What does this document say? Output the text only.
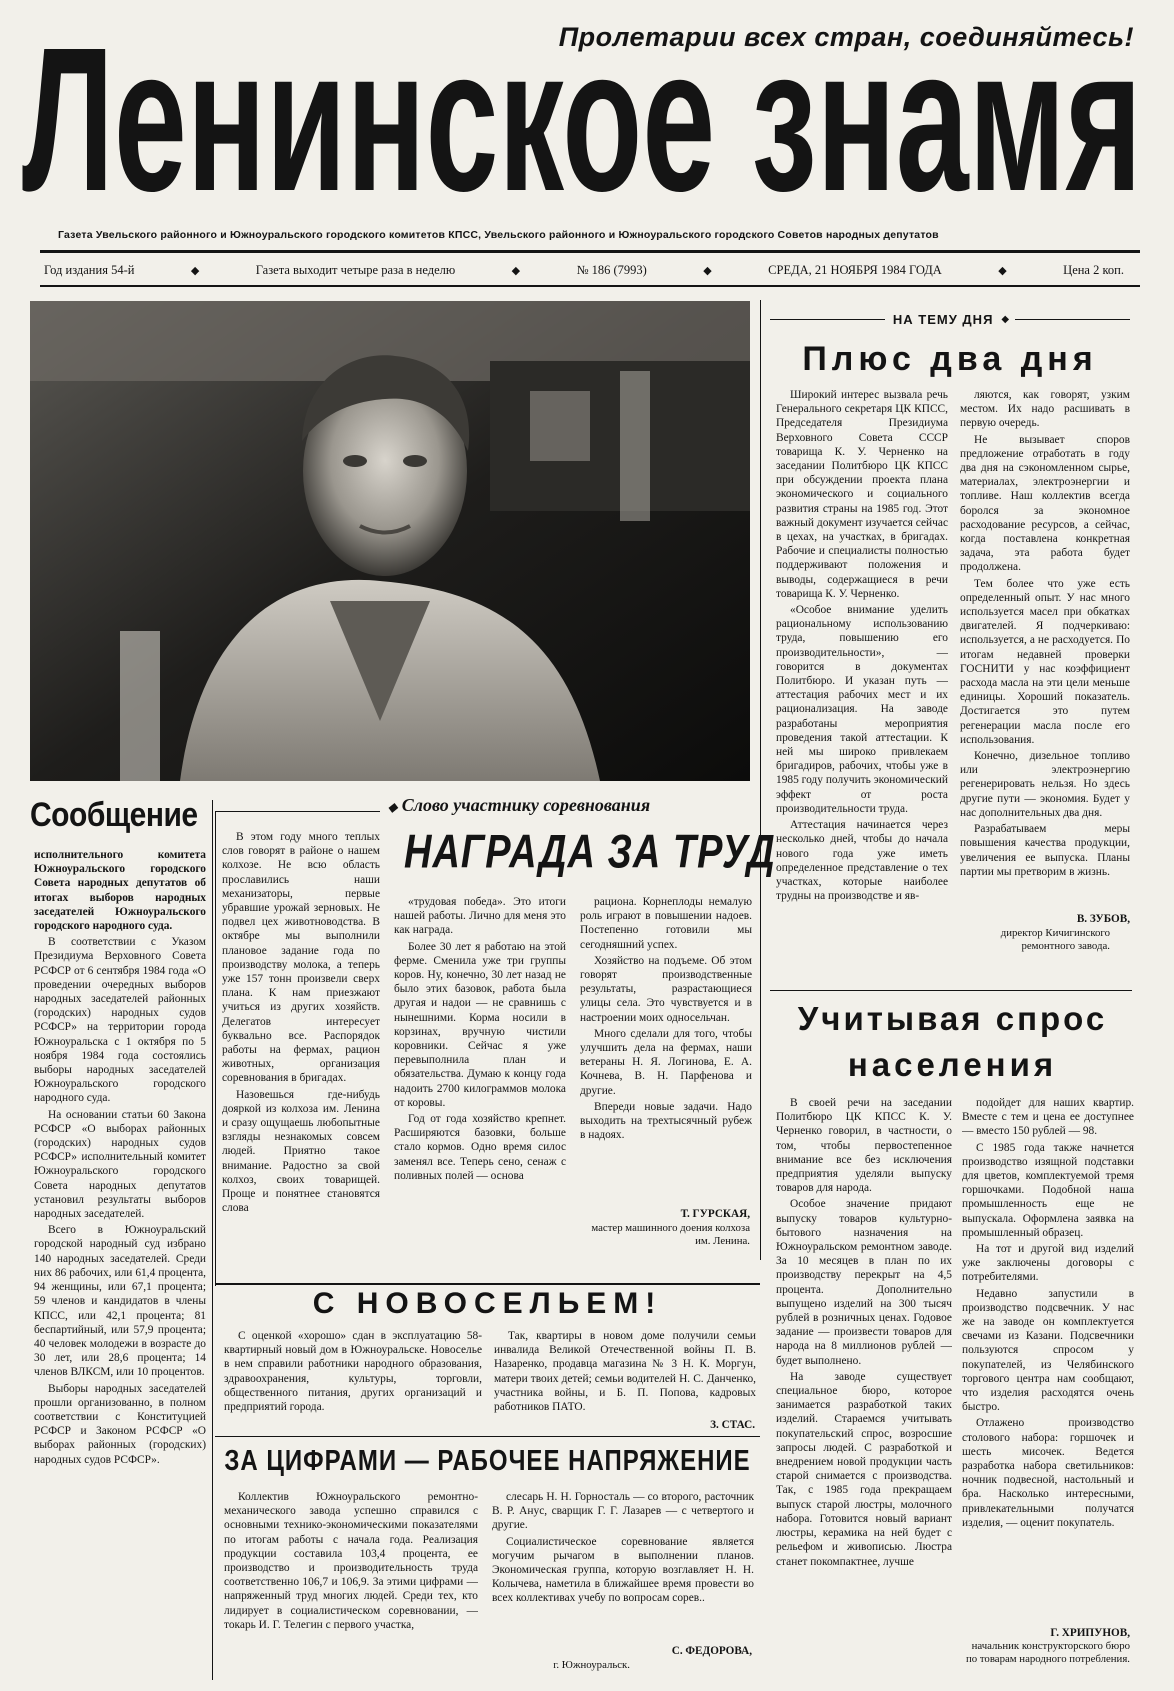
Пролетарии всех стран, соединяйтесь!
Ленинское знамя
Газета Увельского районного и Южноуральского городского комитетов КПСС, Увельского районного и Южноуральского городского Советов народных депутатов
Год издания 54-й	◆	Газета выходит четыре раза в неделю	◆	№ 186 (7993)	◆	СРЕДА, 21 НОЯБРЯ 1984 ГОДА	◆	Цена 2 коп.
НА ТЕМУ ДНЯ ◆
Плюс два дня

Широкий интерес вызвала речь Генерального секретаря ЦК КПСС, Председателя Президиума Верховного Совета СССР товарища К. У. Черненко на заседании Политбюро ЦК КПСС при обсуждении проекта плана экономического и социального развития страны на 1985 год. Этот важный документ изучается сейчас в цехах, на участках, в бригадах. Рабочие и специалисты полностью поддерживают положения и выводы, содержащиеся в речи товарища К. У. Черненко.

«Особое внимание уделить рациональному использованию труда, повышению его производительности», — говорится в документах Политбюро. И указан путь — аттестация рабочих мест и их рационализация. На заводе разработаны мероприятия проведения такой аттестации. К ней мы широко привлекаем бригадиров, рабочих, чтобы уже в 1985 году получить экономический эффект от роста производительности труда.

Аттестация начинается через несколько дней, чтобы до начала нового года уже иметь определенное представление о тех участках, которые наиболее трудны на производстве и яв-

ляются, как говорят, узким местом. Их надо расшивать в первую очередь.

Не вызывает споров предложение отработать в году два дня на сэкономленном сырье, материалах, электроэнергии и топливе. Наш коллектив всегда боролся за экономное расходование ресурсов, а сейчас, когда поставлена конкретная задача, эта работа будет продолжена.

Тем более что уже есть определенный опыт. У нас много используется масел при обкатках двигателей. Я подчеркиваю: используется, а не расходуется. По итогам недавней проверки ГОСНИТИ у нас коэффициент расхода масла на эти цели меньше единицы. Хороший показатель. Достигается это путем регенерации масла после его использования.

Конечно, дизельное топливо или электроэнергию регенерировать нельзя. Но здесь другие пути — экономия. Будет у нас дополнительных два дня.

Разрабатываем меры повышения качества продукции, увеличения ее выпуска. Планы партии мы претворим в жизнь.

В. ЗУБОВ,
директор Кичигинского ремонтного завода.
Учитывая спрос
населения

В своей речи на заседании Политбюро ЦК КПСС К. У. Черненко говорил, в частности, о том, чтобы первостепенное внимание все без исключения предприятия уделяли выпуску товаров для народа.

Особое значение придают выпуску товаров культурно-бытового назначения на Южноуральском ремонтном заводе. За 10 месяцев в план по их производству перекрыт на 4,5 процента. Дополнительно выпущено изделий на 300 тысяч рублей в розничных ценах. Годовое задание — произвести товаров для народа на 8 миллионов рублей — будет выполнено.

На заводе существует специальное бюро, которое занимается разработкой таких изделий. Стараемся учитывать покупательский спрос, возросшие запросы людей. С разработкой и внедрением новой продукции часть старой снимается с производства. Так, с 1985 года прекращаем выпуск старой люстры, молочного набора. Готовится новый вариант люстры, керамика на ней будет с рельефом и живописью. Люстра станет покомпактнее, лучше

подойдет для наших квартир. Вместе с тем и цена ее доступнее — вместо 150 рублей — 98.

С 1985 года также начнется производство изящной подставки для цветов, комплектуемой тремя горшочками. Подобной наша промышленность еще не выпускала. Оформлена заявка на промышленный образец.

На тот и другой вид изделий уже заключены договоры с потребителями.

Недавно запустили в производство подсвечник. У нас же на заводе он комплектуется свечами из Казани. Подсвечники пользуются спросом у покупателей, из Челябинского торгового центра нам сообщают, что изделия расходятся очень быстро.

Отлажено производство столового набора: горшочек и шесть мисочек. Ведется разработка набора светильников: ночник подвесной, настольный и бра. Насколько интересными, привлекательными получатся изделия, — оценит покупатель.

Г. ХРИПУНОВ,
начальник конструкторского бюро по товарам народного потребления.
Сообщение

исполнительного комитета Южноуральского городского Совета народных депутатов об итогах выборов народных заседателей Южноуральского городского народного суда.

В соответствии с Указом Президиума Верховного Совета РСФСР от 6 сентября 1984 года «О проведении очередных выборов народных заседателей районных (городских) народных судов РСФСР» на территории города Южноуральска с 1 октября по 5 ноября 1984 года состоялись выборы народных заседателей Южноуральского городского народного суда.

На основании статьи 60 Закона РСФСР «О выборах районных (городских) народных судов РСФСР» исполнительный комитет Южноуральского городского Совета народных депутатов установил результаты выборов народных заседателей.

Всего в Южноуральский городской народный суд избрано 140 народных заседателей. Среди них 86 рабочих, или 61,4 процента, 94 женщины, или 67,1 процента; 59 членов и кандидатов в члены КПСС, или 42,1 процента; 81 беспартийный, или 57,9 процента; 40 человек молодежи в возрасте до 30 лет, или 28,6 процента; 14 членов ВЛКСМ, или 10 процентов.

Выборы народных заседателей прошли организованно, в полном соответствии с Конституцией РСФСР и Законом РСФСР «О выборах районных (городских) народных судов РСФСР».

◆ Слово участнику соревнования
НАГРАДА ЗА ТРУД

В этом году много теплых слов говорят в районе о нашем колхозе. Не всю область прославились наши механизаторы, первые убравшие урожай зерновых. Не подвел цех животноводства. В октябре мы выполнили плановое задание года по производству молока, а теперь уже 157 тонн произвели сверх плана. К нам приезжают учиться из других хозяйств. Делегатов интересует буквально все. Распорядок работы на фермах, рацион животных, организация соревнования в бригадах.

Назовешься где-нибудь дояркой из колхоза им. Ленина и сразу ощущаешь любопытные взгляды незнакомых совсем людей. Приятно такое внимание. Радостно за свой колхоз, своих товарищей. Проще и понятнее становятся слова

«трудовая победа». Это итоги нашей работы. Лично для меня это как награда.

Более 30 лет я работаю на этой ферме. Сменила уже три группы коров. Ну, конечно, 30 лет назад не было этих базовок, работа была другая и надои — не сравнишь с нынешними. Корма носили в корзинах, вручную чистили коровники. Сейчас я уже перевыполнила план и обязательства. Думаю к концу года надоить 2700 килограммов молока от коровы.

Год от года хозяйство крепнет. Расширяются базовки, больше стало кормов. Одно время силос заменял все. Теперь сено, сенаж с поливных полей — основа

рациона. Корнеплоды немалую роль играют в повышении надоев. Постепенно готовили мы сегодняшний успех.

Хозяйство на подъеме. Об этом говорят производственные результаты, разрастающиеся улицы села. Это чувствуется и в настроении моих односельчан.

Много сделали для того, чтобы улучшить дела на фермах, наши ветераны Н. Я. Логинова, Е. А. Кочнева, В. Н. Парфенова и другие.

Впереди новые задачи. Надо выходить на трехтысячный рубеж в надоях.

Т. ГУРСКАЯ,
мастер машинного доения колхоза им. Ленина.
С НОВОСЕЛЬЕМ!

С оценкой «хорошо» сдан в эксплуатацию 58-квартирный новый дом в Южноуральске. Новоселье в нем справили работники народного образования, здравоохранения, культуры, торговли, общественного питания, других организаций и предприятий города.

Так, квартиры в новом доме получили семьи инвалида Великой Отечественной войны П. В. Назаренко, продавца магазина № 3 Н. К. Моргун, матери твоих детей; семьи водителей Н. С. Данченко, участника войны, и Б. П. Попова, кадровых работников ПАТО.

З. СТАС.
ЗА ЦИФРАМИ — РАБОЧЕЕ НАПРЯЖЕНИЕ

Коллектив Южноуральского ремонтно-механического завода успешно справился с основными технико-экономическими показателями по итогам работы с начала года. Реализация продукции составила 103,4 процента, ее производство и производительность труда соответственно 106,7 и 106,9. За этими цифрами — напряженный труд многих людей. Среди тех, кто лидирует в социалистическом соревновании, — токарь И. Г. Телегин с первого участка,

слесарь Н. Н. Горносталь — со второго, расточник В. Р. Анус, сварщик Г. Г. Лазарев — с четвертого и другие.

Социалистическое соревнование является могучим рычагом в выполнении планов. Экономическая группа, которую возглавляет Н. Н. Колычева, наметила в ближайшее время провести во всех коллективах учебу по вопросам сорев..

С. ФЕДОРОВА,
г. Южноуральск.
